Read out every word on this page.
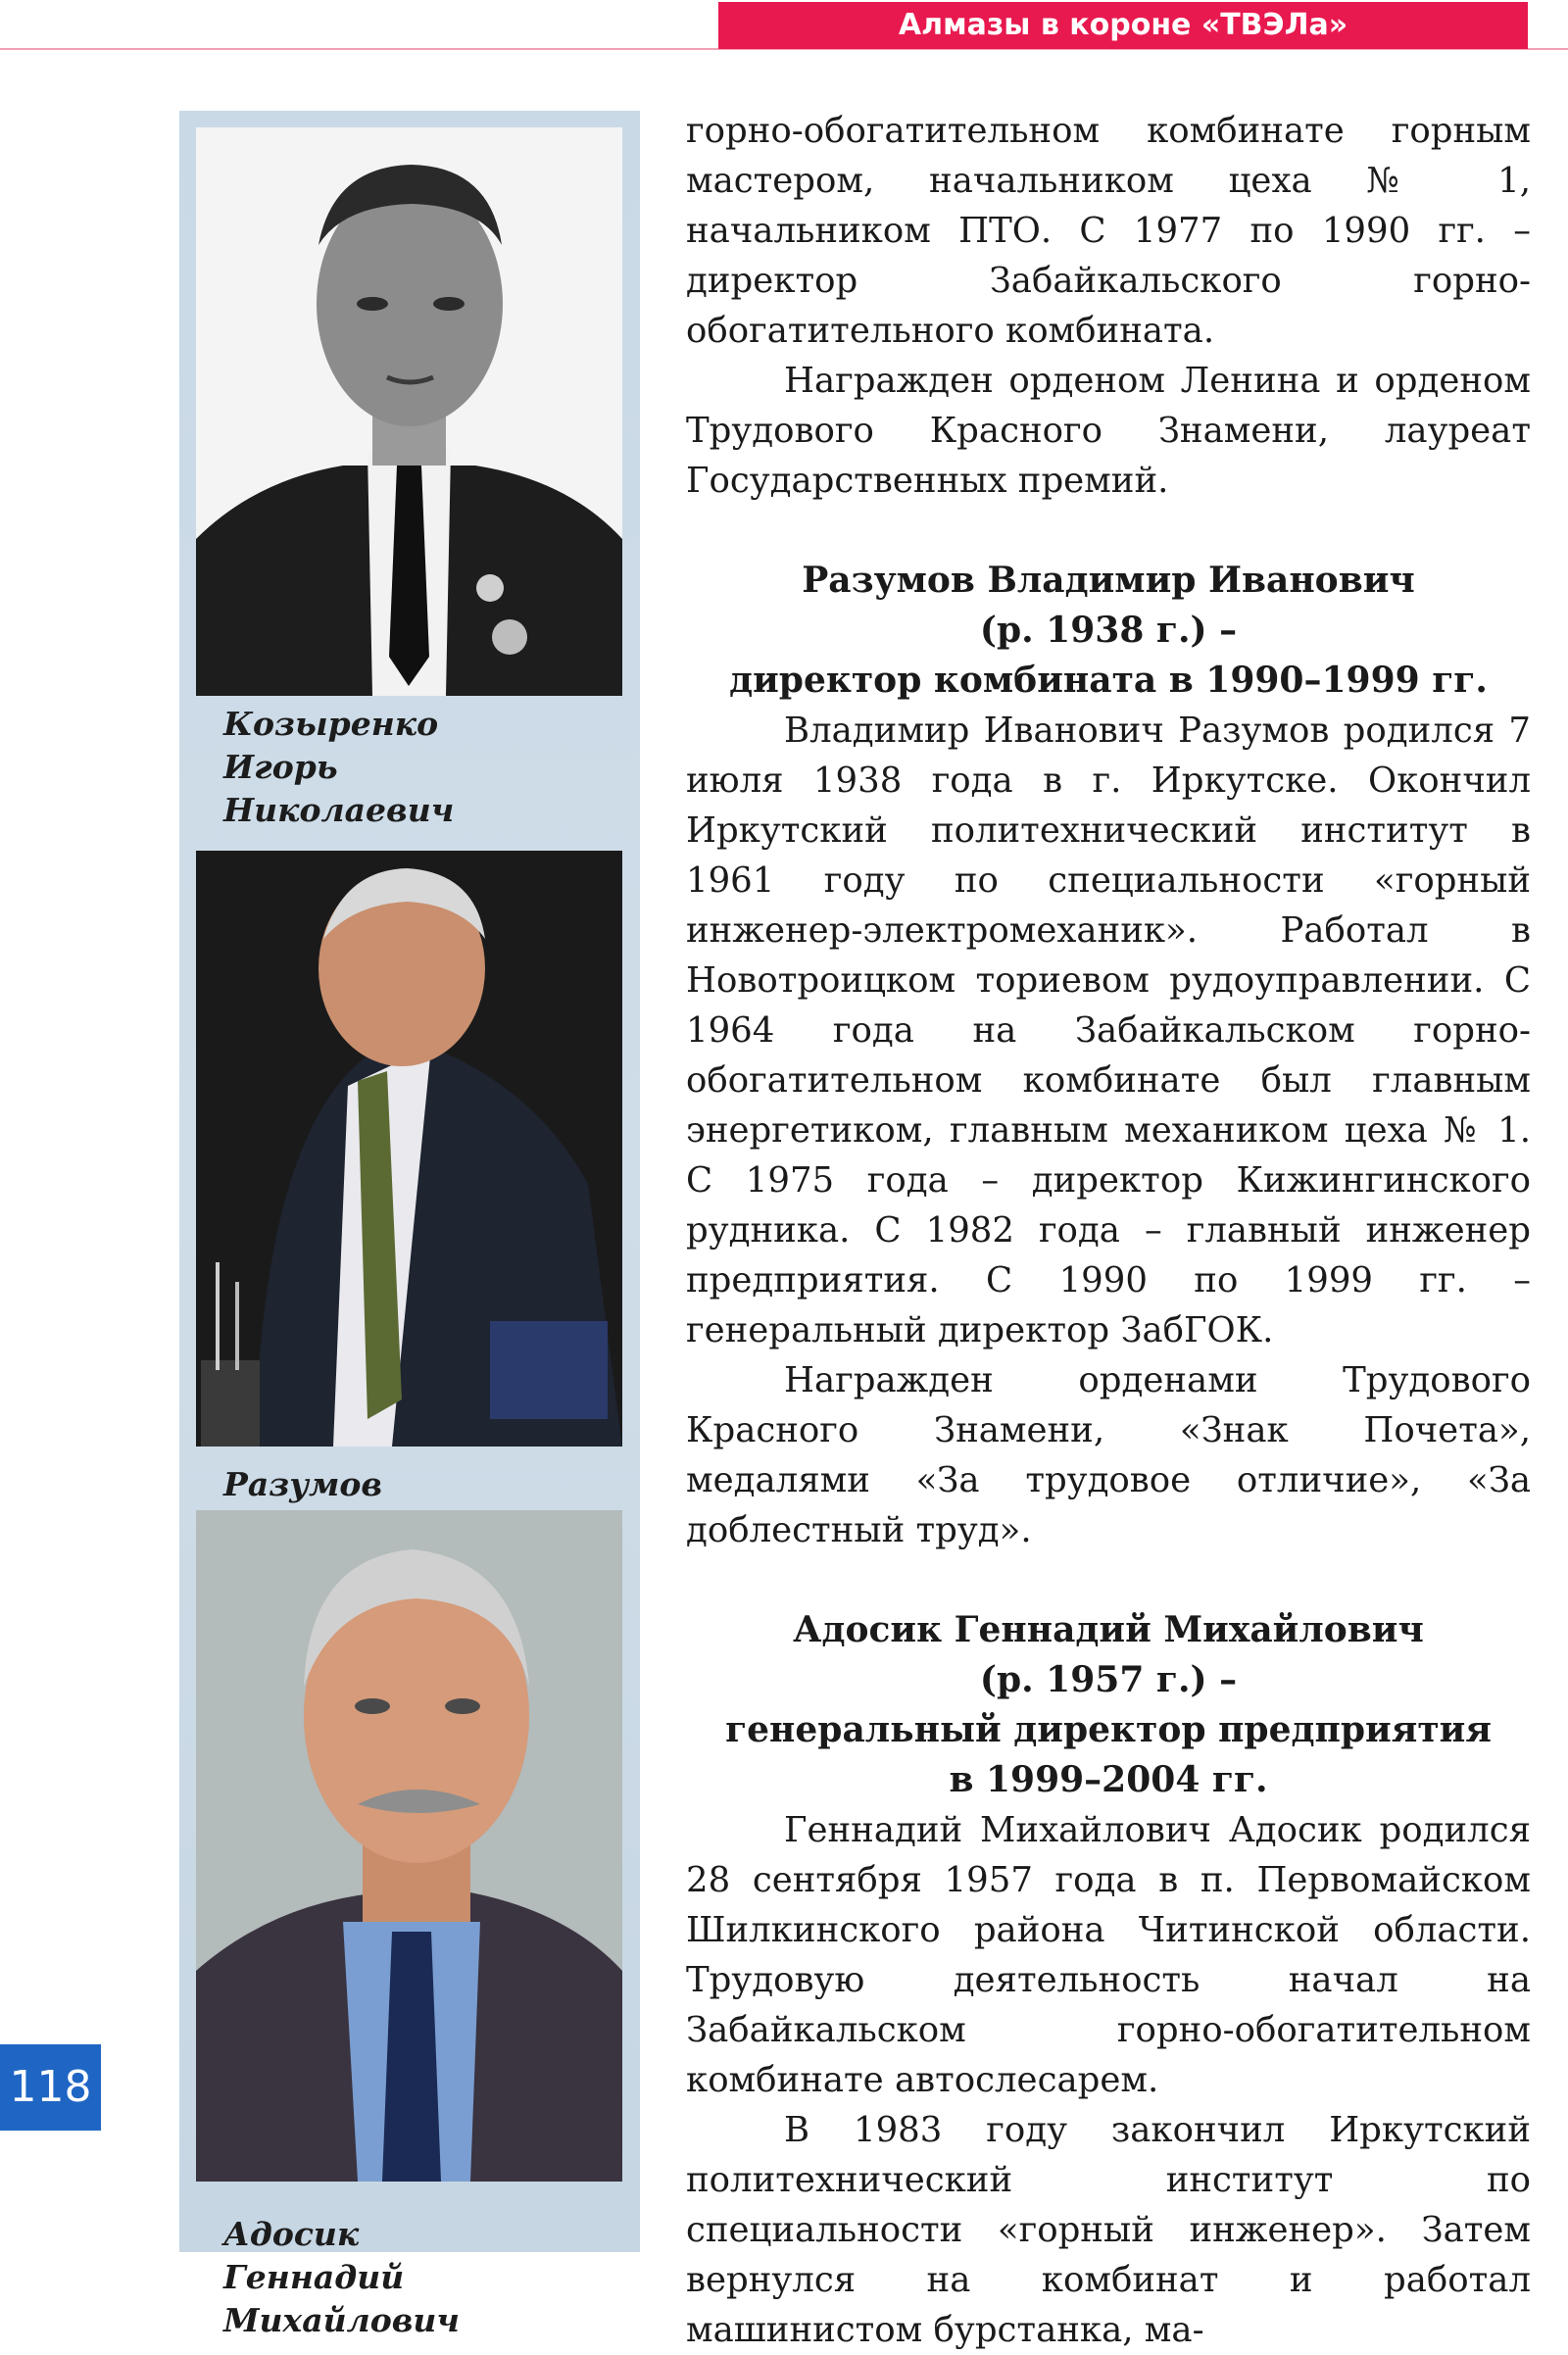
Алмазы в короне «ТВЭЛа»
Козыренко
Игорь
Николаевич
Разумов
Адосик
Геннадий
Михайлович
118

горно-обогатительном комбинате горным мастером, начальником цеха № 1, начальником ПТО. С 1977 по 1990 гг. – директор Забайкальского горно-обогатительного комбината.

Награжден орденом Ленина и орденом Трудового Красного Знамени, лауреат Государственных премий.

Разумов Владимир Иванович
(р. 1938 г.) –
директор комбината в 1990–1999 гг.

Владимир Иванович Разумов родился 7 июля 1938 года в г. Иркутске. Окончил Иркутский политехнический институт в 1961 году по специальности «горный инженер-электромеханик». Работал в Новотроицком ториевом рудоуправлении. С 1964 года на Забайкальском горно-обогатительном комбинате был главным энергетиком, главным механиком цеха № 1. С 1975 года – директор Кижингинского рудника. С 1982 года – главный инженер предприятия. С 1990 по 1999 гг. – генеральный директор ЗабГОК.

Награжден орденами Трудового Красного Знамени, «Знак Почета», медалями «За трудовое отличие», «За доблестный труд».

Адосик Геннадий Михайлович
(р. 1957 г.) –
генеральный директор предприятия
в 1999–2004 гг.

Геннадий Михайлович Адосик родился 28 сентября 1957 года в п. Первомайском Шилкинского района Читинской области. Трудовую деятельность начал на Забайкальском горно-обогатительном комбинате автослесарем.

В 1983 году закончил Иркутский политехнический институт по специальности «горный инженер». Затем вернулся на комбинат и работал машинистом бурстанка, ма-
